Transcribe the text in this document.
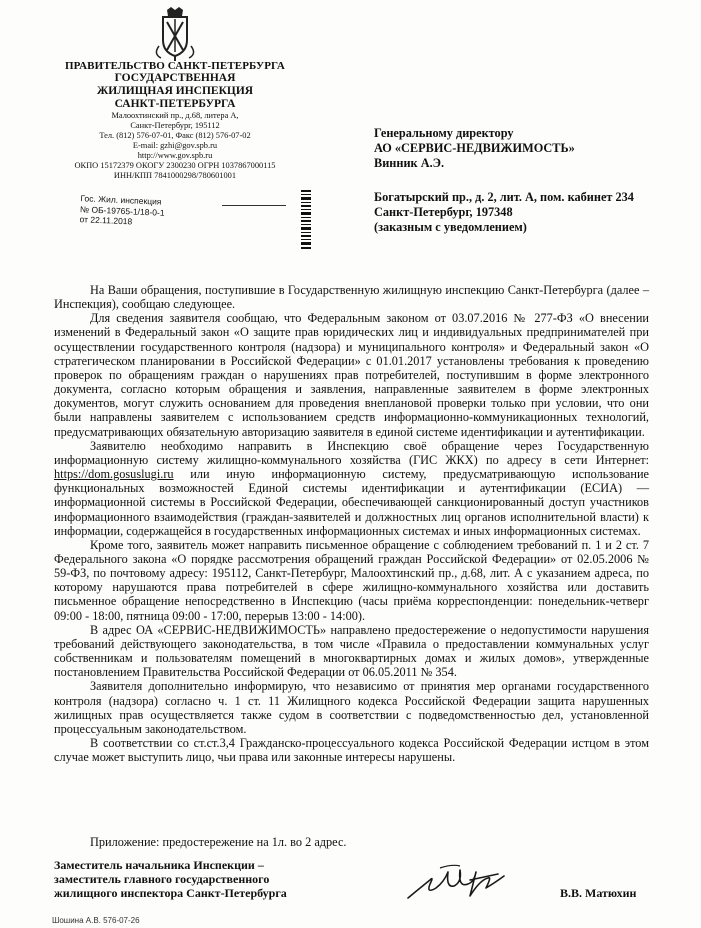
ПРАВИТЕЛЬСТВО САНКТ-ПЕТЕРБУРГА
ГОСУДАРСТВЕННАЯ
ЖИЛИЩНАЯ ИНСПЕКЦИЯ
САНКТ-ПЕТЕРБУРГА
Малоохтинский пр., д.68, литера А,
Санкт-Петербург, 195112
Тел. (812) 576-07-01, Факс (812) 576-07-02
E-mail: gzhi@gov.spb.ru
http://www.gov.spb.ru
ОКПО 15172379 ОКОГУ 2300230 ОГРН 1037867000115
ИНН/КПП 7841000298/780601001
Гос. Жил. инспекция
№ ОБ-19765-1/18-0-1
от 22.11.2018
Генеральному директору
АО «СЕРВИС-НЕДВИЖИМОСТЬ»
Винник А.Э.
Богатырский пр., д. 2, лит. А, пом. кабинет 234
Санкт-Петербург, 197348
(заказным с уведомлением)

На Ваши обращения, поступившие в Государственную жилищную инспекцию Санкт-Петербурга (далее – Инспекция), сообщаю следующее.

Для сведения заявителя сообщаю, что Федеральным законом от 03.07.2016 № 277-ФЗ «О внесении изменений в Федеральный закон «О защите прав юридических лиц и индивидуальных предпринимателей при осуществлении государственного контроля (надзора) и муниципального контроля» и Федеральный закон «О стратегическом планировании в Российской Федерации» с 01.01.2017 установлены требования к проведению проверок по обращениям граждан о нарушениях прав потребителей, поступившим в форме электронного документа, согласно которым обращения и заявления, направленные заявителем в форме электронных документов, могут служить основанием для проведения внеплановой проверки только при условии, что они были направлены заявителем с использованием средств информационно-коммуникационных технологий, предусматривающих обязательную авторизацию заявителя в единой системе идентификации и аутентификации.

Заявителю необходимо направить в Инспекцию своё обращение через Государственную информационную систему жилищно-коммунального хозяйства (ГИС ЖКХ) по адресу в сети Интернет: https://dom.gosuslugi.ru или иную информационную систему, предусматривающую использование функциональных возможностей Единой системы идентификации и аутентификации (ЕСИА) — информационной системы в Российской Федерации, обеспечивающей санкционированный доступ участников информационного взаимодействия (граждан-заявителей и должностных лиц органов исполнительной власти) к информации, содержащейся в государственных информационных системах и иных информационных системах.

Кроме того, заявитель может направить письменное обращение с соблюдением требований п. 1 и 2 ст. 7 Федерального закона «О порядке рассмотрения обращений граждан Российской Федерации» от 02.05.2006 № 59-ФЗ, по почтовому адресу: 195112, Санкт-Петербург, Малоохтинский пр., д.68, лит. А с указанием адреса, по которому нарушаются права потребителей в сфере жилищно-коммунального хозяйства или доставить письменное обращение непосредственно в Инспекцию (часы приёма корреспонденции: понедельник-четверг 09:00 - 18:00, пятница 09:00 - 17:00, перерыв 13:00 - 14:00).

В адрес ОА «СЕРВИС-НЕДВИЖИМОСТЬ» направлено предостережение о недопустимости нарушения требований действующего законодательства, в том числе «Правила о предоставлении коммунальных услуг собственникам и пользователям помещений в многоквартирных домах и жилых домов», утвержденные постановлением Правительства Российской Федерации от 06.05.2011 № 354.

Заявителя дополнительно информирую, что независимо от принятия мер органами государственного контроля (надзора) согласно ч. 1 ст. 11 Жилищного кодекса Российской Федерации защита нарушенных жилищных прав осуществляется также судом в соответствии с подведомственностью дел, установленной процессуальным законодательством.

В соответствии со ст.ст.3,4 Гражданско-процессуального кодекса Российской Федерации истцом в этом случае может выступить лицо, чьи права или законные интересы нарушены.

Приложение: предостережение на 1л. во 2 адрес.
Заместитель начальника Инспекции –
заместитель главного государственного
жилищного инспектора Санкт-Петербурга	В.В. Матюхин
Шошина А.В. 576-07-26
